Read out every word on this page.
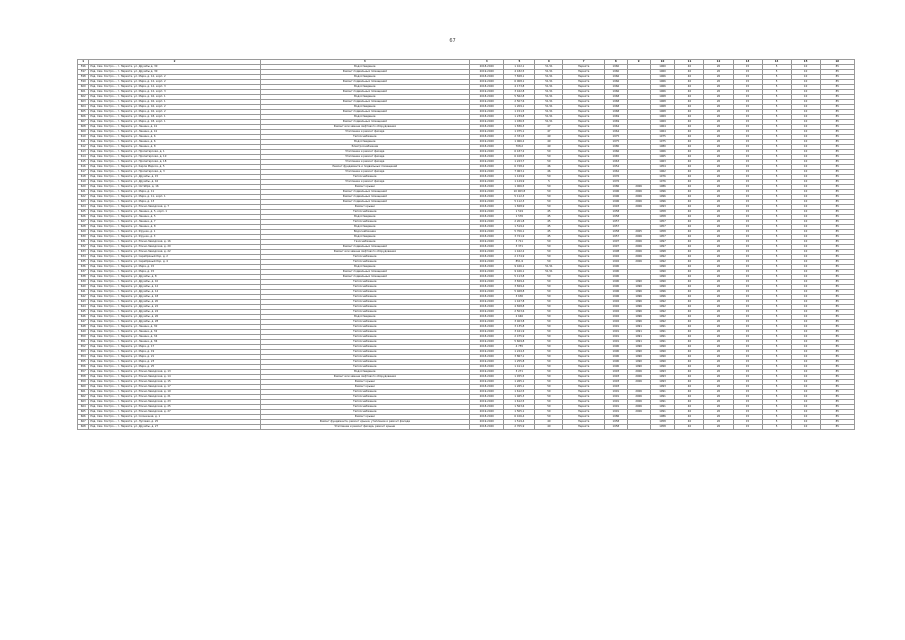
67
1	2	3	4	5	6	7	8	9	10	11	12	13	14	15	16
596	Ряд. Сам. Костро..., г. Нерехта, ул. Дружбы д. 30	Водоотведение	2018-2020	1 102,1	51,51	Нерехта	1960		1960	40	20	15	5	10	85
597	Ряд. Сам. Костро..., г. Нерехта, ул. Дружбы д. 30	Ремонт подвальных помещений	2019-2020	4 182,5	51,51	Нерехта	1960		1960	40	20	15	5	10	85
598	Ряд. Сам. Костро..., г. Нерехта, ул. Мира, д. 12, корп. 2	Водоотведение	2018-2020	7 828,1	51,51	Нерехта	1966		1966	40	20	15	5	10	85
599	Ряд. Сам. Костро..., г. Нерехта, ул. Мира, д. 12, корп. 2	Ремонт подвальных помещений	2019-2020	6 008,1	51,51	Нерехта	1966		1966	40	20	15	5	10	85
600	Ряд. Сам. Костро..., г. Нерехта, ул. Мира, д. 12, корп. 3	Водоотведение	2018-2020	4 173,8	51,51	Нерехта	1966		1966	40	20	15	5	10	85
601	Ряд. Сам. Костро..., г. Нерехта, ул. Мира, д. 12, корп. 3	Ремонт подвальных помещений	2019-2020	3 162,8	51,51	Нерехта	1966		1966	40	20	15	5	10	85
602	Ряд. Сам. Костро..., г. Нерехта, ул. Мира, д. 16, корп. 1	Водоотведение	2018-2020	5 562,8	51,51	Нерехта	1968		1968	40	20	15	5	10	85
603	Ряд. Сам. Костро..., г. Нерехта, ул. Мира, д. 16, корп. 1	Ремонт подвальных помещений	2019-2020	2 507,6	51,51	Нерехта	1968		1968	40	20	15	5	10	85
604	Ряд. Сам. Костро..., г. Нерехта, ул. Мира, д. 16, корп. 2	Водоотведение	2018-2020	1 209,1	51,51	Нерехта	1968		1968	40	20	15	5	10	85
605	Ряд. Сам. Костро..., г. Нерехта, ул. Мира, д. 16, корп. 2	Ремонт подвальных помещений	2019-2020	1 151,5	51,51	Нерехта	1968		1968	40	20	15	5	10	85
606	Ряд. Сам. Костро..., г. Нерехта, ул. Мира, д. 18, корп. 1	Водоотведение	2018-2020	1 239,8	51,51	Нерехта	1969		1969	40	20	15	5	10	85
607	Ряд. Сам. Костро..., г. Нерехта, ул. Мира, д. 18, корп. 1	Ремонт подвальных помещений	2019-2020	1 036,5	51,51	Нерехта	1969		1969	40	20	15	5	10	85
608	Ряд. Сам. Костро..., г. Нерехта, ул. Ленина, д. 41	Ремонт или замена лифтового оборудования	2018-2020	1 836,3	47	Нерехта	1964		1964	40	20	15	5	10	85
609	Ряд. Сам. Костро..., г. Нерехта, ул. Ленина, д. 41	Утепление и ремонт фасада	2019-2020	1 075,1	47	Нерехта	1964		1964	40	20	15	5	10	85
610	Ряд. Сам. Костро..., г. Нерехта, ул. Ленина, д. 6	Теплоснабжение	2018-2020	2 331,5	49	Нерехта	1975		1975	40	20	15	5	10	85
611	Ряд. Сам. Костро..., г. Нерехта, ул. Ленина, д. 6	Водоотведение	2019-2020	1 066,2	49	Нерехта	1975		1975	40	20	15	5	10	85
612	Ряд. Сам. Костро..., г. Нерехта, ул. Ленина, д. 8	Электроснабжение	2018-2020	708,2	49	Нерехта	1980		1980	40	20	15	5	10	85
613	Ряд. Сам. Костро..., г. Нерехта, ул. Пролетарская, д. 1	Утепление и ремонт фасада	2019-2020	6 437,2	50	Нерехта	1966		1966	40	20	15	5	10	85
614	Ряд. Сам. Костро..., г. Нерехта, ул. Пролетарская, д. 10	Утепление и ремонт фасада	2018-2020	6 108,5	50	Нерехта	1965		1965	40	20	15	5	10	85
615	Ряд. Сам. Костро..., г. Нерехта, ул. Пролетарская, д. 18	Утепление и ремонт фасада	2019-2020	1 223,7	50	Нерехта	1963		1963	40	20	15	5	10	85
616	Ряд. Сам. Костро..., г. Нерехта, ул. Карла Маркса, д. 5	Ремонт фундамента и подвальных помещений	2018-2020	6 728,2	46	Нерехта	1954		1954	40	20	15	5	10	85
617	Ряд. Сам. Костро..., г. Нерехта, ул. Пролетарская, д. 3	Утепление и ремонт фасада	2019-2020	7 063,1	46	Нерехта	1962		1962	40	20	15	5	10	85
618	Ряд. Сам. Костро..., г. Нерехта, ул. Дружбы, д. 15	Теплоснабжение	2018-2020	1 129,9	50	Нерехта	1976		1976	40	20	15	5	10	85
619	Ряд. Сам. Костро..., г. Нерехта, ул. Дружбы, д. 16	Утепление и ремонт фасада	2019-2020	1 129,9	5	Нерехта	1976		1976	40	20	15	5	10	85
620	Ряд. Сам. Костро..., г. Нерехта, ул. Октября, д. 16	Ремонт крыши	2018-2020	1 006,5	50	Нерехта	1986	2006	1986	40	20	15	5	10	85
621	Ряд. Сам. Костро..., г. Нерехта, ул. Мира, д. 11	Ремонт подвальных помещений	2019-2020	10 063,8	50	Нерехта	1996	2006	1996	40	20	15	5	10	85
622	Ряд. Сам. Костро..., г. Нерехта, ул. Мира, д. 11, корп. 1	Ремонт подвальных помещений	2018-2020	5 112,3	50	Нерехта	1996	2006	1996	40	20	15	5	10	85
623	Ряд. Сам. Костро..., г. Нерехта, ул. Мира, д. 13	Ремонт подвальных помещений	2019-2020	5 112,3	50	Нерехта	1996	2006	1996	40	20	15	5	10	85
624	Ряд. Сам. Костро..., г. Нерехта, ул. Южно-Заводская, д. 7	Ремонт крыши	2018-2020	1 828,9	50	Нерехта	1993	2006	1993	40	20	15	5	10	85
625	Ряд. Сам. Костро..., г. Нерехта, ул. Ленина, д. 5, корп. 1	Теплоснабжение	2019-2020	1 519	45	Нерехта	1958		1958	40	20	15	5	10	85
626	Ряд. Сам. Костро..., г. Нерехта, ул. Ленина, д. 5	Водоотведение	2018-2020	1 576	45	Нерехта	1958		1958	40	20	15	5	10	85
627	Ряд. Сам. Костро..., г. Нерехта, ул. Ленина, д. 7	Теплоснабжение	2019-2020	2 201,8	45	Нерехта	1957		1957	40	20	15	5	10	85
628	Ряд. Сам. Костро..., г. Нерехта, ул. Ленина, д. 8	Водоотведение	2018-2020	1 519,2	45	Нерехта	1957		1957	40	20	15	5	10	85
629	Ряд. Сам. Костро..., г. Нерехта, ул. Фрунзе, д. 1	Водоснабжение	2019-2020	5 706,1	45	Нерехта	1958	2005	1958	40	20	15	5	10	85
630	Ряд. Сам. Костро..., г. Нерехта, ул. Фрунзе, д. 3	Водоотведение	2018-2020	3 721,9	45	Нерехта	1957	2006	1957	40	20	15	5	10	85
631	Ряд. Сам. Костро..., г. Нерехта, ул. Южно-Заводская, д. 16	Газоснабжение	2019-2020	3 711	50	Нерехта	1997	2006	1997	40	20	15	5	10	85
632	Ряд. Сам. Костро..., г. Нерехта, ул. Южно-Заводская, д. 20	Ремонт подвальных помещений	2018-2020	3 371	50	Нерехта	1997	2006	1997	40	20	15	5	10	85
633	Ряд. Сам. Костро..., г. Нерехта, ул. Южно-Заводская, д. 22	Ремонт или замена лифтового оборудования	2019-2020	1 162,2	50	Нерехта	1998	2006	1998	40	20	15	5	10	85
634	Ряд. Сам. Костро..., г. Нерехта, ул. Серебряный бор, д. 2	Теплоснабжение	2018-2020	2 174,9	50	Нерехта	1992	2006	1992	40	20	15	5	10	85
635	Ряд. Сам. Костро..., г. Нерехта, ул. Серебряный бор, д. 4	Теплоснабжение	2019-2020	851,9	50	Нерехта	1992	2006	1992	40	20	15	5	10	85
636	Ряд. Сам. Костро..., г. Нерехта, ул. Мира, д. 15	Водоотведение	2018-2020	9 426,1	51,51	Нерехта	1990		1990	40	20	15	5	10	85
637	Ряд. Сам. Костро..., г. Нерехта, ул. Мира, д. 15	Ремонт подвальных помещений	2019-2020	9 426,1	51,51	Нерехта	1990		1990	40	20	15	5	10	85
638	Ряд. Сам. Костро..., г. Нерехта, ул. Дружбы, д. 8	Ремонт подвальных помещений	2018-2020	5 113,8	50	Нерехта	1990		1990	40	20	15	5	10	85
639	Ряд. Сам. Костро..., г. Нерехта, ул. Дружбы, д. 10	Теплоснабжение	2019-2020	3 829,4	50	Нерехта	1990	1990	1990	40	20	15	5	10	85
640	Ряд. Сам. Костро..., г. Нерехта, ул. Дружбы, д. 12	Теплоснабжение	2018-2020	3 829,4	50	Нерехта	1990	1990	1990	40	20	15	5	10	85
641	Ряд. Сам. Костро..., г. Нерехта, ул. Дружбы, д. 14	Теплоснабжение	2019-2020	5 468,8	50	Нерехта	1996	1996	1996	40	20	15	5	10	85
642	Ряд. Сам. Костро..., г. Нерехта, ул. Дружбы, д. 18	Теплоснабжение	2018-2020	3 630	50	Нерехта	1996	1996	1996	40	20	15	5	10	85
643	Ряд. Сам. Костро..., г. Нерехта, ул. Дружбы, д. 20	Теплоснабжение	2019-2020	1 167,8	50	Нерехта	1992	1996	1992	40	20	15	5	10	85
644	Ряд. Сам. Костро..., г. Нерехта, ул. Дружбы, д. 22	Теплоснабжение	2018-2020	4 828,8	50	Нерехта	1992	1996	1992	40	20	15	5	10	85
645	Ряд. Сам. Костро..., г. Нерехта, ул. Дружбы, д. 24	Теплоснабжение	2019-2020	2 503,6	50	Нерехта	1992	1996	1992	40	20	15	5	10	85
646	Ряд. Сам. Костро..., г. Нерехта, ул. Дружбы, д. 26	Водоотведение	2018-2020	2 646	50	Нерехта	1992	1996	1992	40	20	15	5	10	85
647	Ряд. Сам. Костро..., г. Нерехта, ул. Дружбы, д. 28	Теплоснабжение	2019-2020	3 403,8	50	Нерехта	1992	1996	1992	40	20	15	5	10	85
648	Ряд. Сам. Костро..., г. Нерехта, ул. Ленина, д. 30	Теплоснабжение	2018-2020	3 135,8	50	Нерехта	1991	1991	1991	40	20	15	5	10	85
649	Ряд. Сам. Костро..., г. Нерехта, ул. Ленина, д. 32	Теплоснабжение	2019-2020	3 161,9	50	Нерехта	1991	1991	1991	40	20	15	5	10	85
650	Ряд. Сам. Костро..., г. Нерехта, ул. Ленина, д. 34	Теплоснабжение	2018-2020	2 475,9	50	Нерехта	1991	1991	1991	40	20	15	5	10	85
651	Ряд. Сам. Костро..., г. Нерехта, ул. Ленина, д. 36	Теплоснабжение	2019-2020	5 609,8	50	Нерехта	1991	1991	1991	40	20	15	5	10	85
652	Ряд. Сам. Костро..., г. Нерехта, ул. Мира, д. 17	Теплоснабжение	2018-2020	4 755	50	Нерехта	1990	1990	1990	40	20	15	5	10	85
653	Ряд. Сам. Костро..., г. Нерехта, ул. Мира, д. 19	Теплоснабжение	2019-2020	1 224,3	50	Нерехта	1990	1990	1990	40	20	15	5	10	85
654	Ряд. Сам. Костро..., г. Нерехта, ул. Мира, д. 21	Теплоснабжение	2018-2020	3 867,1	50	Нерехта	1990	1990	1990	40	20	15	5	10	85
655	Ряд. Сам. Костро..., г. Нерехта, ул. Мира, д. 23	Теплоснабжение	2019-2020	1 255,8	50	Нерехта	1990	1990	1990	40	20	15	5	10	85
656	Ряд. Сам. Костро..., г. Нерехта, ул. Мира, д. 25	Теплоснабжение	2018-2020	1 411,2	50	Нерехта	1990	1990	1990	40	20	15	5	10	85
657	Ряд. Сам. Костро..., г. Нерехта, ул. Южно-Заводская, д. 13	Водоотведение	2019-2020	3 271	50	Нерехта	1993	2006	1993	40	20	15	5	10	85
658	Ряд. Сам. Костро..., г. Нерехта, ул. Южно-Заводская, д. 14	Ремонт или замена лифтового оборудования	2018-2020	1 455,5	50	Нерехта	1993	2006	1993	40	20	15	5	10	85
659	Ряд. Сам. Костро..., г. Нерехта, ул. Южно-Заводская, д. 15	Ремонт крыши	2019-2020	1 265,1	50	Нерехта	1993	2006	1993	40	20	15	5	10	85
660	Ряд. Сам. Костро..., г. Нерехта, ул. Южно-Заводская, д. 17	Ремонт крыши	2018-2020	1 265,1	50	Нерехта	1993		1993	40	20	15	5	10	85
661	Ряд. Сам. Костро..., г. Нерехта, ул. Южно-Заводская, д. 19	Теплоснабжение	2019-2020	1 612,5	50	Нерехта	1991	2006	1991	40	20	15	5	10	85
662	Ряд. Сам. Костро..., г. Нерехта, ул. Южно-Заводская, д. 21	Теплоснабжение	2018-2020	1 465,3	50	Нерехта	1991	2006	1991	40	20	15	5	10	85
663	Ряд. Сам. Костро..., г. Нерехта, ул. Южно-Заводская, д. 23	Теплоснабжение	2019-2020	1 612,5	50	Нерехта	1991	2006	1991	40	20	15	5	10	85
664	Ряд. Сам. Костро..., г. Нерехта, ул. Южно-Заводская, д. 25	Теплоснабжение	2018-2020	1 563,6	50	Нерехта	1991	2006	1991	40	20	15	5	10	85
665	Ряд. Сам. Костро..., г. Нерехта, ул. Южно-Заводская, д. 27	Теплоснабжение	2019-2020	1 505,1	50	Нерехта	1991	2006	1991	40	20	15	5	10	85
666	Ряд. Сам. Костро..., г. Нерехта, ул. Солнечная, д. 1	Ремонт крыши	2018-2020	6 106,4	50	Нерехта	1986		1986	40	20	15	5	10	85
667	Ряд. Сам. Костро..., г. Нерехта, ул. Луговая, д. 25	Ремонт фундамента, ремонт крыши, утепление и ремонт фасада	2019-2020	1 519,4	40	Нерехта	1958		1958	40	20	15	5	10	85
668	Ряд. Сам. Костро..., г. Нерехта, ул. Дружбы, д. 27	Утепление и ремонт фасада, ремонт крыши	2018-2020	2 705,9	40	Нерехта	1958		1958	40	20	15	5	10	85
